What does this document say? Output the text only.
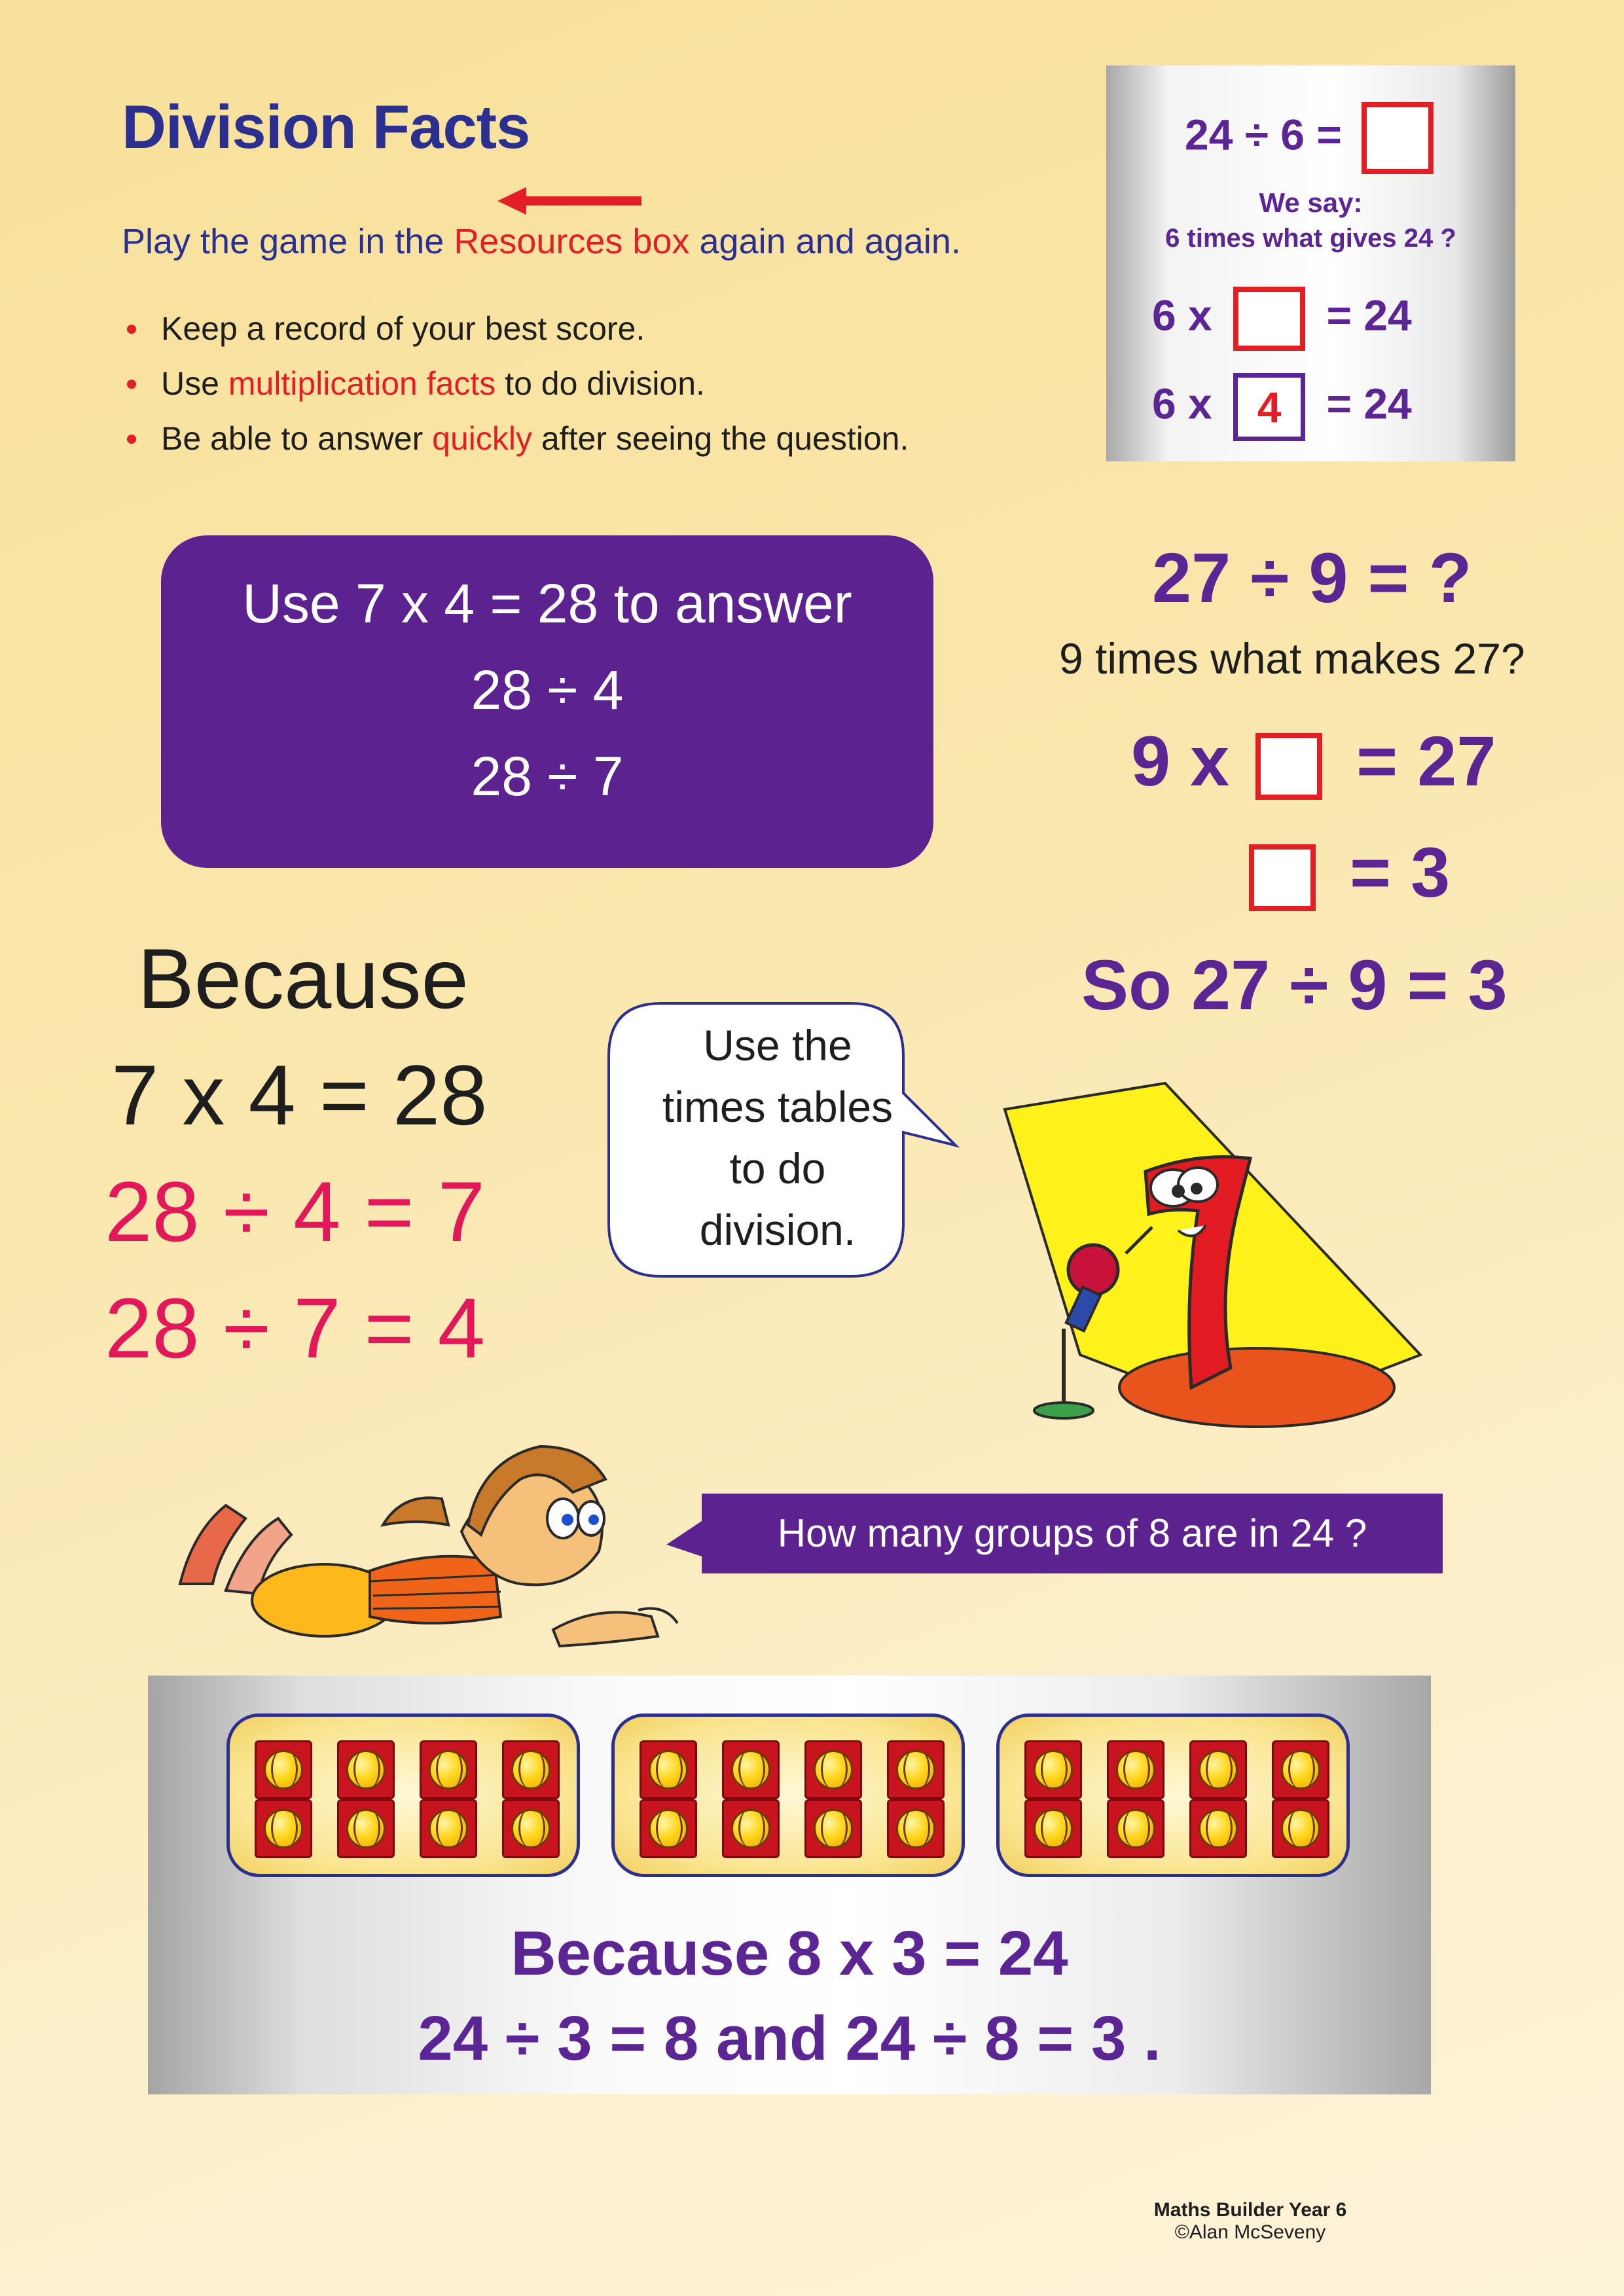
Division Facts
Play the game in the Resources box again and again.
Keep a record of your best score.
Use multiplication facts to do division.
Be able to answer quickly after seeing the question.
24 ÷ 6 =
We say:
6 times what gives 24 ?
6 x	= 24
6 x 4 = 24
Use 7 x 4 = 28 to answer
28 ÷ 4
28 ÷ 7
27 ÷ 9 = ?
9 times what makes 27?
9 x = 27
= 3
So 27 ÷ 9 = 3
Because
7 x 4 = 28
28 ÷ 4 = 7
28 ÷ 7 = 4
Use the
times tables
to do
division.
How many groups of 8 are in 24 ?
Because 8 x 3 = 24
24 ÷ 3 = 8 and 24 ÷ 8 = 3 .
Maths Builder Year 6
©Alan McSeveny
